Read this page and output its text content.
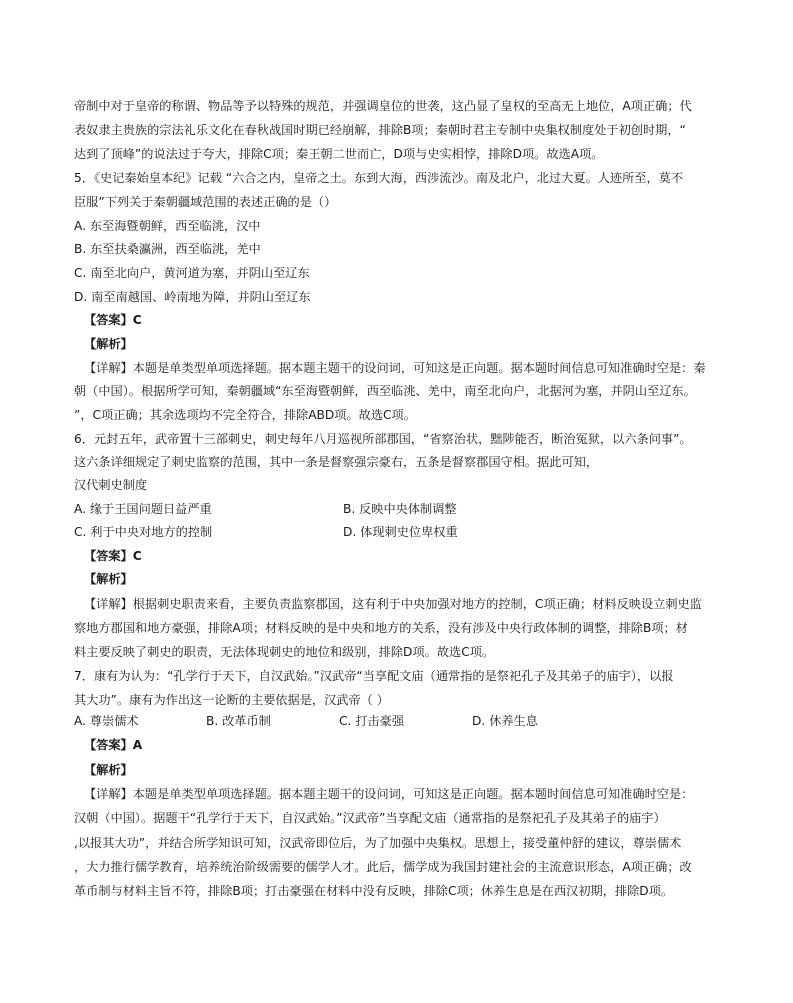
帝制中对于皇帝的称谓、物品等予以特殊的规范，并强调皇位的世袭，这凸显了皇权的至高无上地位，A项正确；代
表奴隶主贵族的宗法礼乐文化在春秋战国时期已经崩解，排除B项；秦朝时君主专制中央集权制度处于初创时期，“
达到了顶峰”的说法过于夸大，排除C项；秦王朝二世而亡，D项与史实相悖，排除D项。故选A项。
5．《史记秦始皇本纪》记载 “六合之内，皇帝之土。东到大海，西涉流沙。南及北户，北过大夏。人迹所至，莫不
臣服”下列关于秦朝疆域范围的表述正确的是（）
A. 东至海暨朝鲜，西至临洮，汉中
B. 东至扶桑瀛洲，西至临洮，羌中
C. 南至北向户，黄河道为塞，并阴山至辽东
D. 南至南越国、岭南地为障，并阴山至辽东
【答案】C
【解析】
【详解】本题是单类型单项选择题。据本题主题干的设问词，可知这是正向题。据本题时间信息可知准确时空是：秦
朝（中国）。根据所学可知，秦朝疆域“东至海暨朝鲜，西至临洮、羌中，南至北向户，北据河为塞，并阴山至辽东。
”，C项正确；其余选项均不完全符合，排除ABD项。故选C项。
6．元封五年，武帝置十三部刺史，刺史每年八月巡视所部郡国，“省察治状，黜陟能否，断治冤狱，以六条问事”。
这六条详细规定了刺史监察的范围，其中一条是督察强宗豪右，五条是督察郡国守相。据此可知，
汉代刺史制度
A. 缘于王国问题日益严重	B. 反映中央体制调整
C. 利于中央对地方的控制	D. 体现刺史位卑权重
【答案】C
【解析】
【详解】根据刺史职责来看，主要负责监察郡国，这有利于中央加强对地方的控制，C项正确；材料反映设立刺史监
察地方郡国和地方豪强，排除A项；材料反映的是中央和地方的关系，没有涉及中央行政体制的调整，排除B项；材
料主要反映了刺史的职责，无法体现刺史的地位和级别，排除D项。故选C项。
7．康有为认为：“孔学行于天下，自汉武始。”汉武帝“当享配文庙（通常指的是祭祀孔子及其弟子的庙宇），以报
其大功”。康有为作出这一论断的主要依据是，汉武帝（ ）
A. 尊崇儒术	B. 改革币制	C. 打击豪强	D. 休养生息
【答案】A
【解析】
【详解】本题是单类型单项选择题。据本题主题干的设问词，可知这是正向题。据本题时间信息可知准确时空是：
汉朝（中国）。据题干“孔学行于天下，自汉武始。”汉武帝”当享配文庙（通常指的是祭祀孔子及其弟子的庙宇）
,以报其大功”，并结合所学知识可知，汉武帝即位后，为了加强中央集权。思想上，接受董仲舒的建议，尊崇儒术
，大力推行儒学教育，培养统治阶级需要的儒学人才。此后，儒学成为我国封建社会的主流意识形态，A项正确；改
革币制与材料主旨不符，排除B项；打击豪强在材料中没有反映，排除C项；休养生息是在西汉初期，排除D项。
